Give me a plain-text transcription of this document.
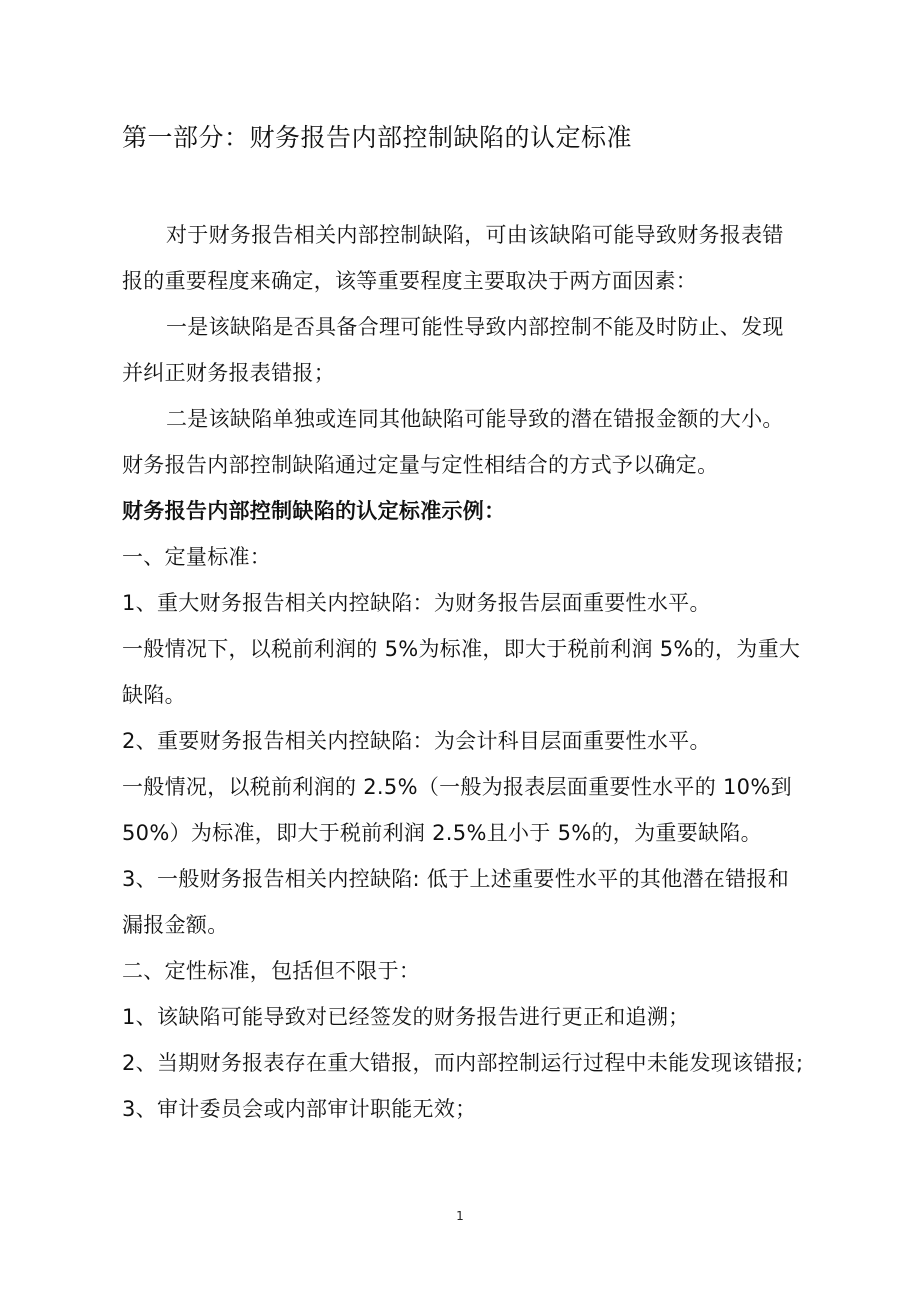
第一部分：财务报告内部控制缺陷的认定标准

对于财务报告相关内部控制缺陷，可由该缺陷可能导致财务报表错报的重要程度来确定，该等重要程度主要取决于两方面因素：

一是该缺陷是否具备合理可能性导致内部控制不能及时防止、发现并纠正财务报表错报；

二是该缺陷单独或连同其他缺陷可能导致的潜在错报金额的大小。

财务报告内部控制缺陷通过定量与定性相结合的方式予以确定。

财务报告内部控制缺陷的认定标准示例：

一、定量标准：

1、重大财务报告相关内控缺陷：为财务报告层面重要性水平。

一般情况下，以税前利润的 5%为标准，即大于税前利润 5%的，为重大缺陷。

2、重要财务报告相关内控缺陷：为会计科目层面重要性水平。

一般情况，以税前利润的 2.5%（一般为报表层面重要性水平的 10%到 50%）为标准，即大于税前利润 2.5%且小于 5%的，为重要缺陷。

3、一般财务报告相关内控缺陷: 低于上述重要性水平的其他潜在错报和漏报金额。

二、定性标准，包括但不限于：

1、该缺陷可能导致对已经签发的财务报告进行更正和追溯；

2、当期财务报表存在重大错报，而内部控制运行过程中未能发现该错报;

3、审计委员会或内部审计职能无效；

1
